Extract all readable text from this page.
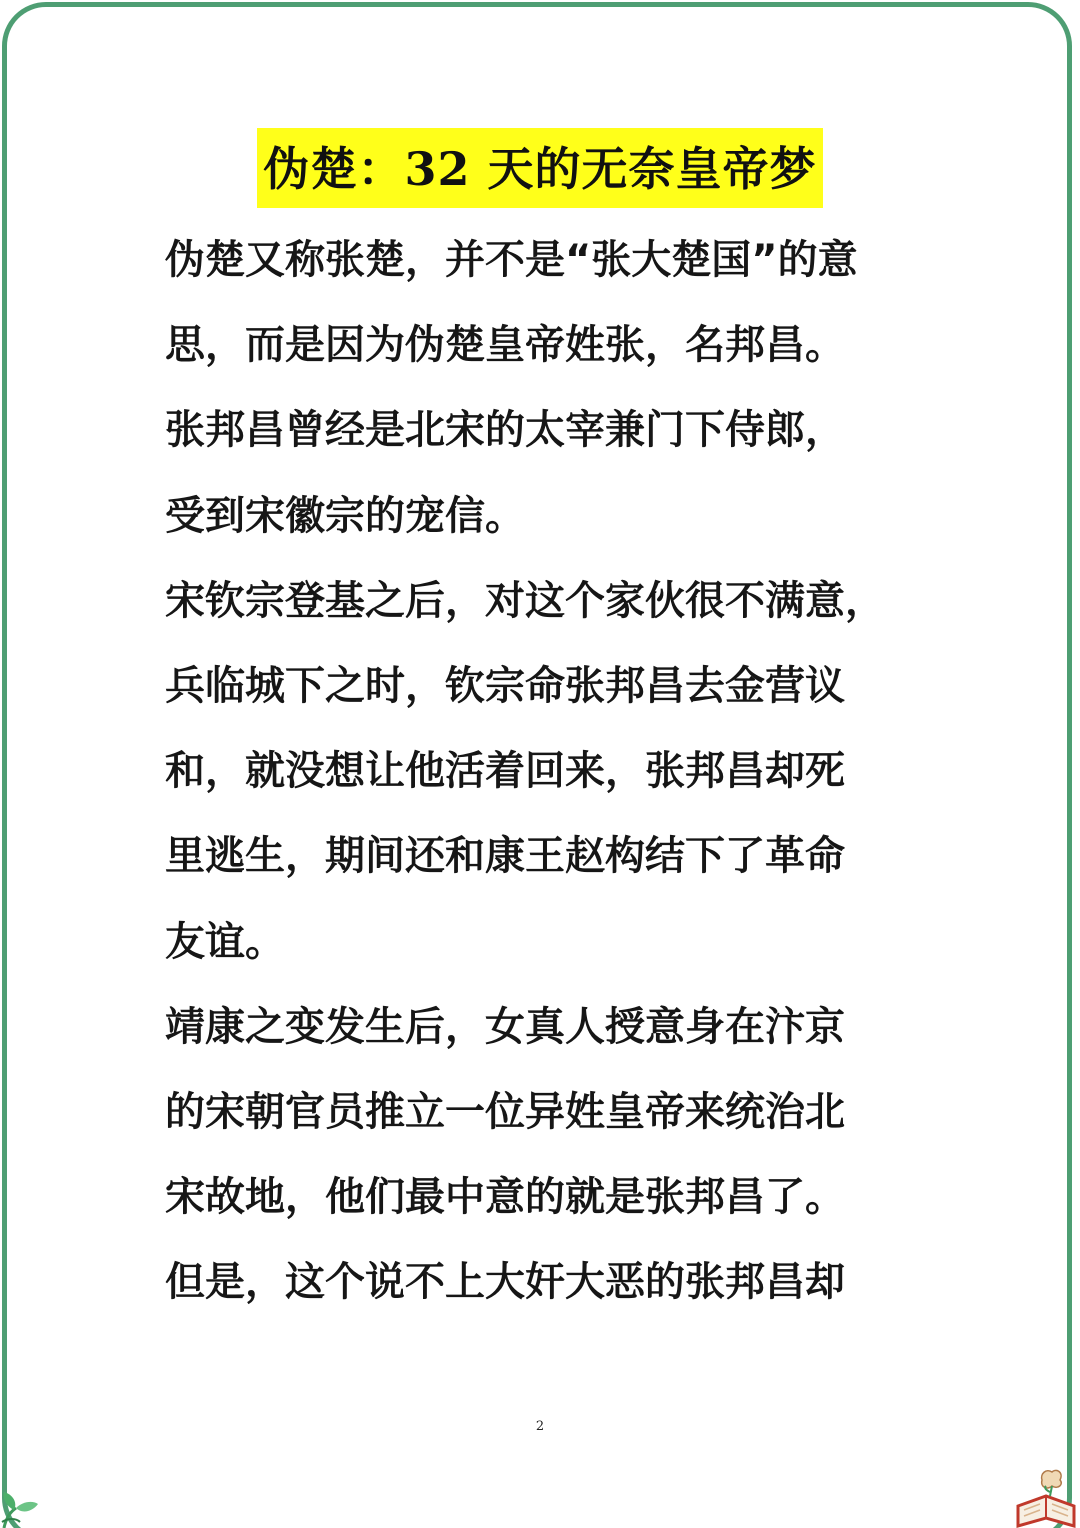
伪楚：32 天的无奈皇帝梦
伪楚又称张楚，并不是“张大楚国”的意
思，而是因为伪楚皇帝姓张，名邦昌。
张邦昌曾经是北宋的太宰兼门下侍郎，
受到宋徽宗的宠信。
宋钦宗登基之后，对这个家伙很不满意，
兵临城下之时，钦宗命张邦昌去金营议
和，就没想让他活着回来，张邦昌却死
里逃生，期间还和康王赵构结下了革命
友谊。
靖康之变发生后，女真人授意身在汴京
的宋朝官员推立一位异姓皇帝来统治北
宋故地，他们最中意的就是张邦昌了。
但是，这个说不上大奸大恶的张邦昌却
2
